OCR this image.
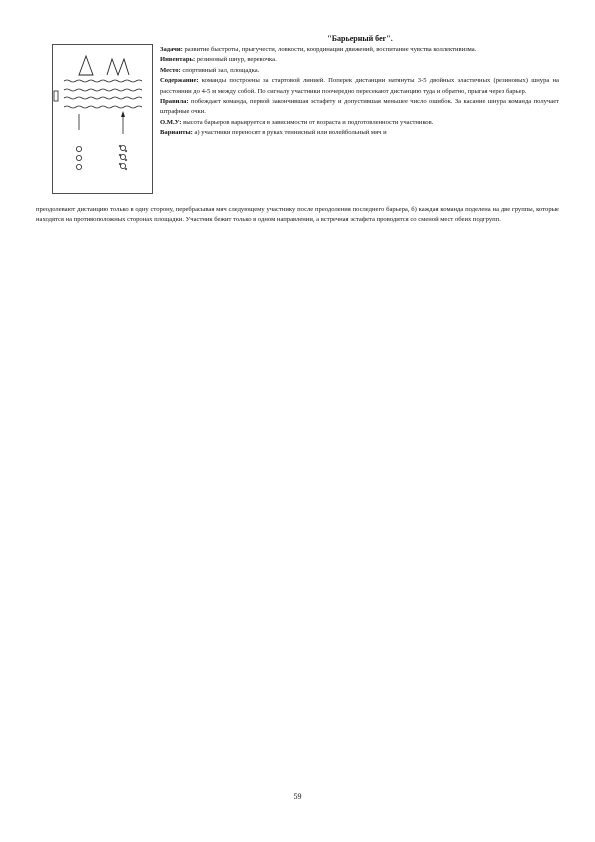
"Барьерный бег".

Задачи: развитие быстроты, прыгучести, ловкости, координации движений, воспитание чувства коллективизма.

Инвентарь: резиновый шнур, веревочка.

Место: спортивный зал, площадка.

Содержание: команды построены за стартовой линией. Поперек дистанции натянуты 3-5 двойных эластичных (резиновых) шнура на расстоянии до 4-5 м между собой. По сигналу участники поочередно пересекают дистанцию туда и обратно, прыгая через барьер.

Правила: побеждает команда, первой закончившая эстафету и допустившая меньшее число ошибок. За касание шнура команда получает штрафные очки.

О.М.У: высота барьеров варьируется в зависимости от возраста и подготовленности участников.

Варианты: а) участники переносят в руках теннисный или волейбольный мяч и

преодолевают дистанцию только в одну сторону, перебрасывая мяч следующему участнику после преодоления последнего барьера, б) каждая команда поделена на две группы, которые находятся на противоположных сторонах площадки. Участник бежит только в одном направлении, а встречная эстафета проводится со сменой мест обеих подгрупп.

59
